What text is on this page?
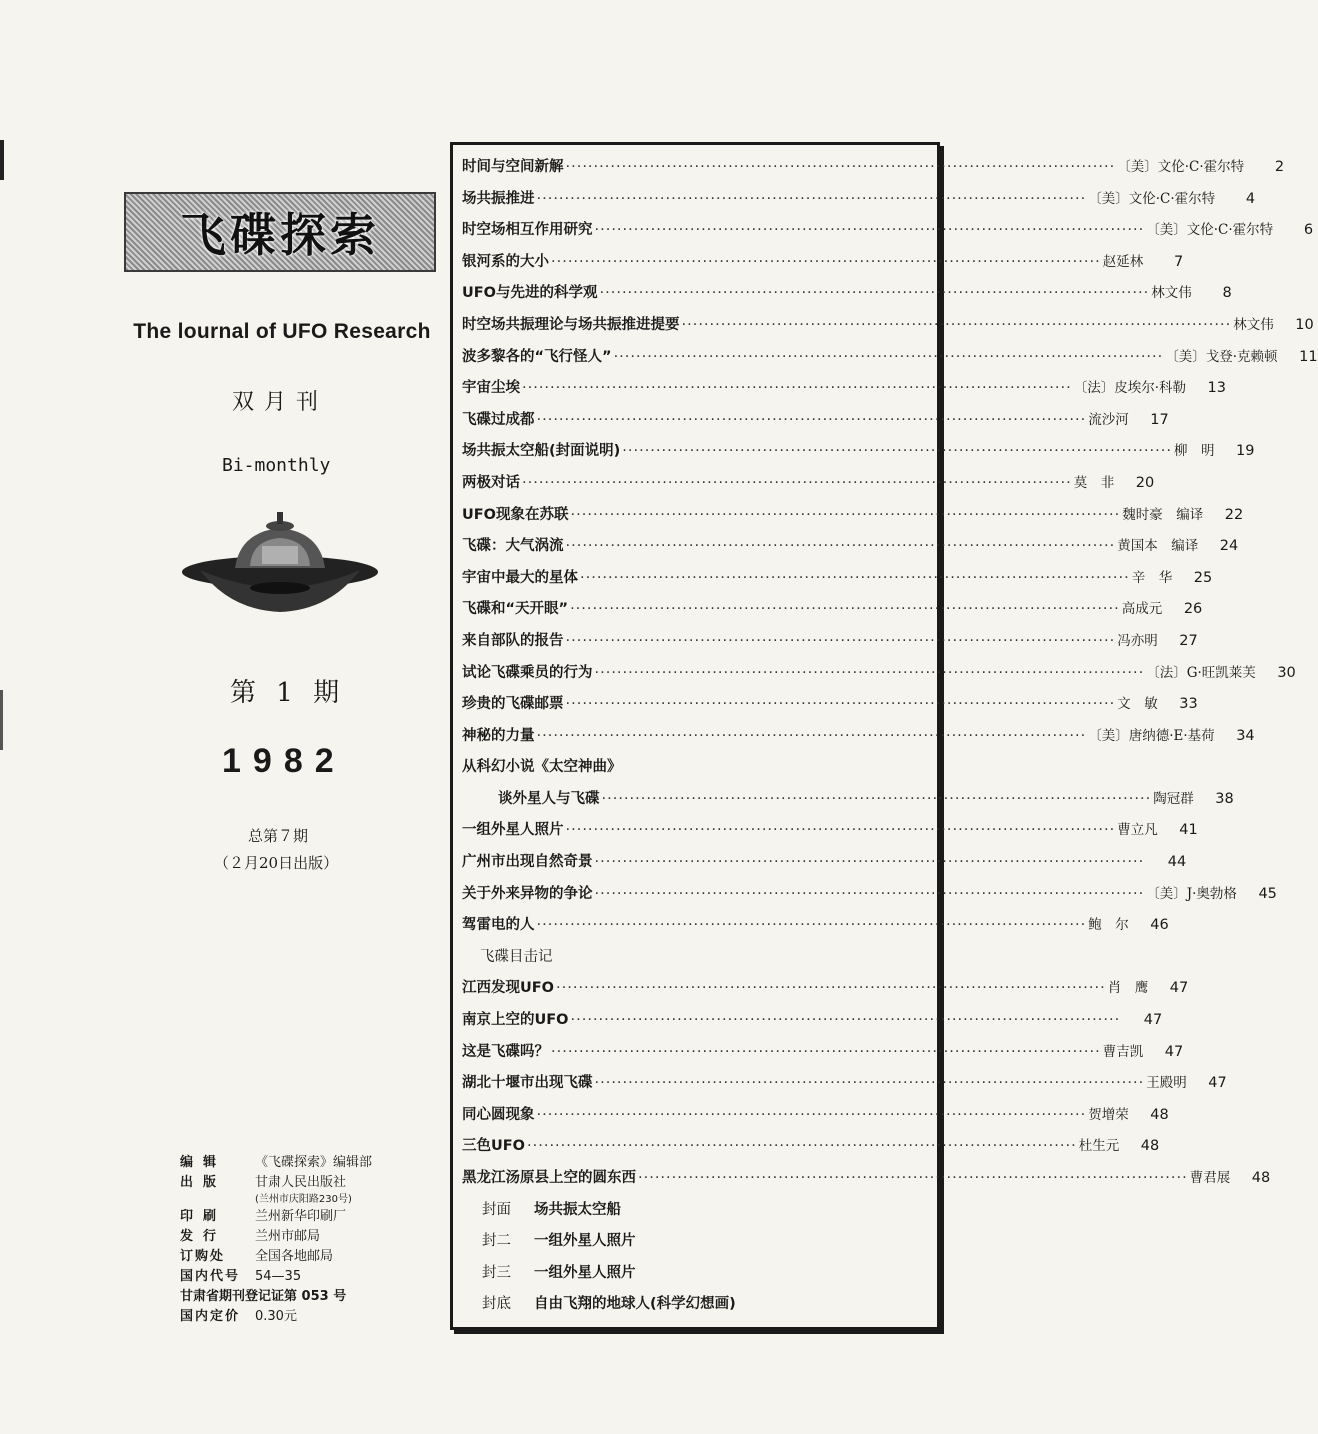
飞碟探索
The lournal of UFO Research
双月刊
Bi-monthly
第 1 期
1982
总第７期
（２月20日出版）
编辑	《飞碟探索》编辑部
出版	甘肃人民出版社
(兰州市庆阳路230号)
印刷	兰州新华印刷厂
发行	兰州市邮局
订购处	全国各地邮局
国内代号	54—35
甘肃省期刊登记证第 053 号
国内定价	0.30元
时间与空间新解 ·································································································· 〔美〕文伦·C·霍尔特	2
场共振推进 ·································································································· 〔美〕文伦·C·霍尔特	4
时空场相互作用研究 ·································································································· 〔美〕文伦·C·霍尔特	6
银河系的大小 ·································································································· 赵延林	7
UFO与先进的科学观 ·································································································· 林文伟	8
时空场共振理论与场共振推进提要 ·································································································· 林文伟	10
波多黎各的“飞行怪人” ·································································································· 〔美〕戈登·克赖顿	11
宇宙尘埃 ·································································································· 〔法〕皮埃尔·科勒	13
飞碟过成都 ·································································································· 流沙河	17
场共振太空船(封面说明) ·································································································· 柳　明	19
两极对话 ·································································································· 莫　非	20
UFO现象在苏联 ·································································································· 魏时豪　编译	22
飞碟：大气涡流 ·································································································· 黄国本　编译	24
宇宙中最大的星体 ·································································································· 辛　华	25
飞碟和“天开眼” ·································································································· 高成元	26
来自部队的报告 ·································································································· 冯亦明	27
试论飞碟乘员的行为 ·································································································· 〔法〕G·旺凯莱芙	30
珍贵的飞碟邮票 ·································································································· 文　敏	33
神秘的力量 ·································································································· 〔美〕唐纳德·E·基荷	34
从科幻小说《太空神曲》
谈外星人与飞碟 ·································································································· 陶冠群	38
一组外星人照片 ·································································································· 曹立凡	41
广州市出现自然奇景 ··································································································	44
关于外来异物的争论 ·································································································· 〔美〕J·奥勃格	45
驾雷电的人 ·································································································· 鲍　尔	46
飞碟目击记
江西发现UFO ·································································································· 肖　鹰	47
南京上空的UFO ··································································································	47
这是飞碟吗？ ·································································································· 曹吉凯	47
湖北十堰市出现飞碟 ·································································································· 王殿明	47
同心圆现象 ·································································································· 贺增荣	48
三色UFO ·································································································· 杜生元	48
黑龙江汤原县上空的圆东西 ·································································································· 曹君展	48
封面	场共振太空船
封二	一组外星人照片
封三	一组外星人照片
封底	自由飞翔的地球人(科学幻想画)
